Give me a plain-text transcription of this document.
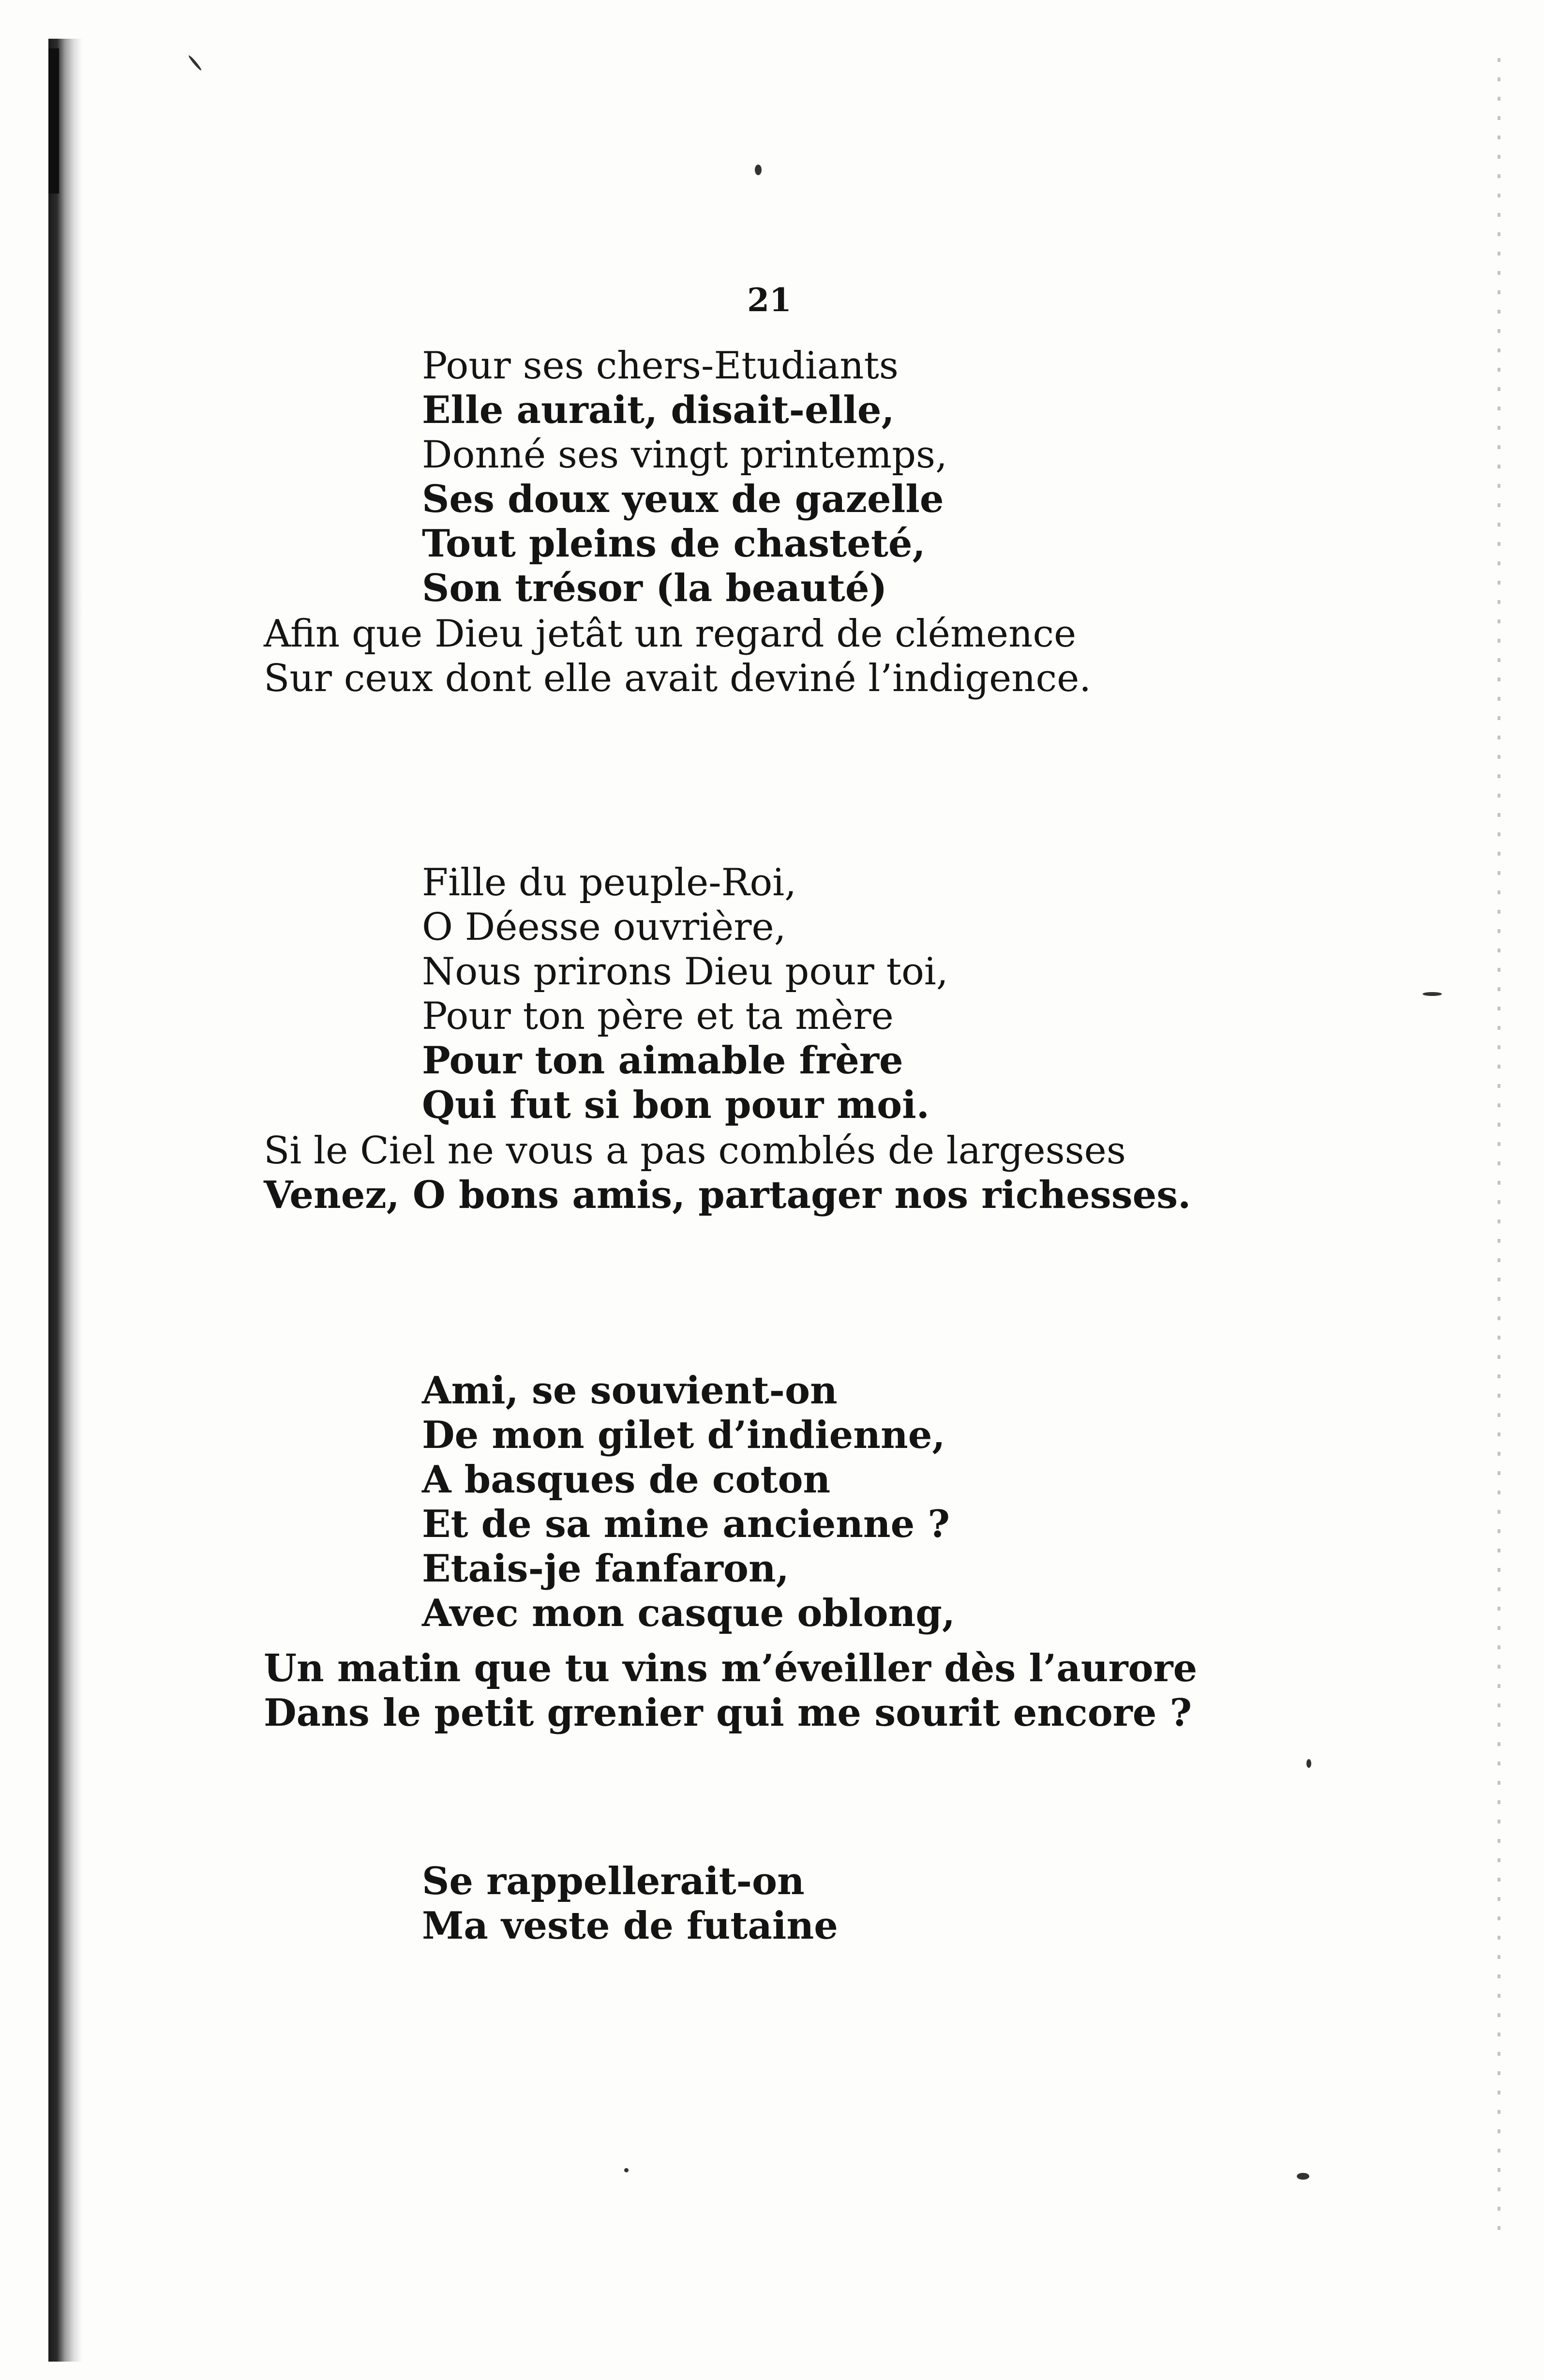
21
Pour ses chers-Etudiants
Elle aurait, disait-elle,
Donné ses vingt printemps,
Ses doux yeux de gazelle
Tout pleins de chasteté,
Son trésor (la beauté)
Afin que Dieu jetât un regard de clémence
Sur ceux dont elle avait deviné l’indigence.
Fille du peuple-Roi,
O Déesse ouvrière,
Nous prirons Dieu pour toi,
Pour ton père et ta mère
Pour ton aimable frère
Qui fut si bon pour moi.
Si le Ciel ne vous a pas comblés de largesses
Venez, O bons amis, partager nos richesses.
Ami, se souvient-on
De mon gilet d’indienne,
A basques de coton
Et de sa mine ancienne ?
Etais-je fanfaron,
Avec mon casque oblong,
Un matin que tu vins m’éveiller dès l’aurore
Dans le petit grenier qui me sourit encore ?
Se rappellerait-on
Ma veste de futaine
